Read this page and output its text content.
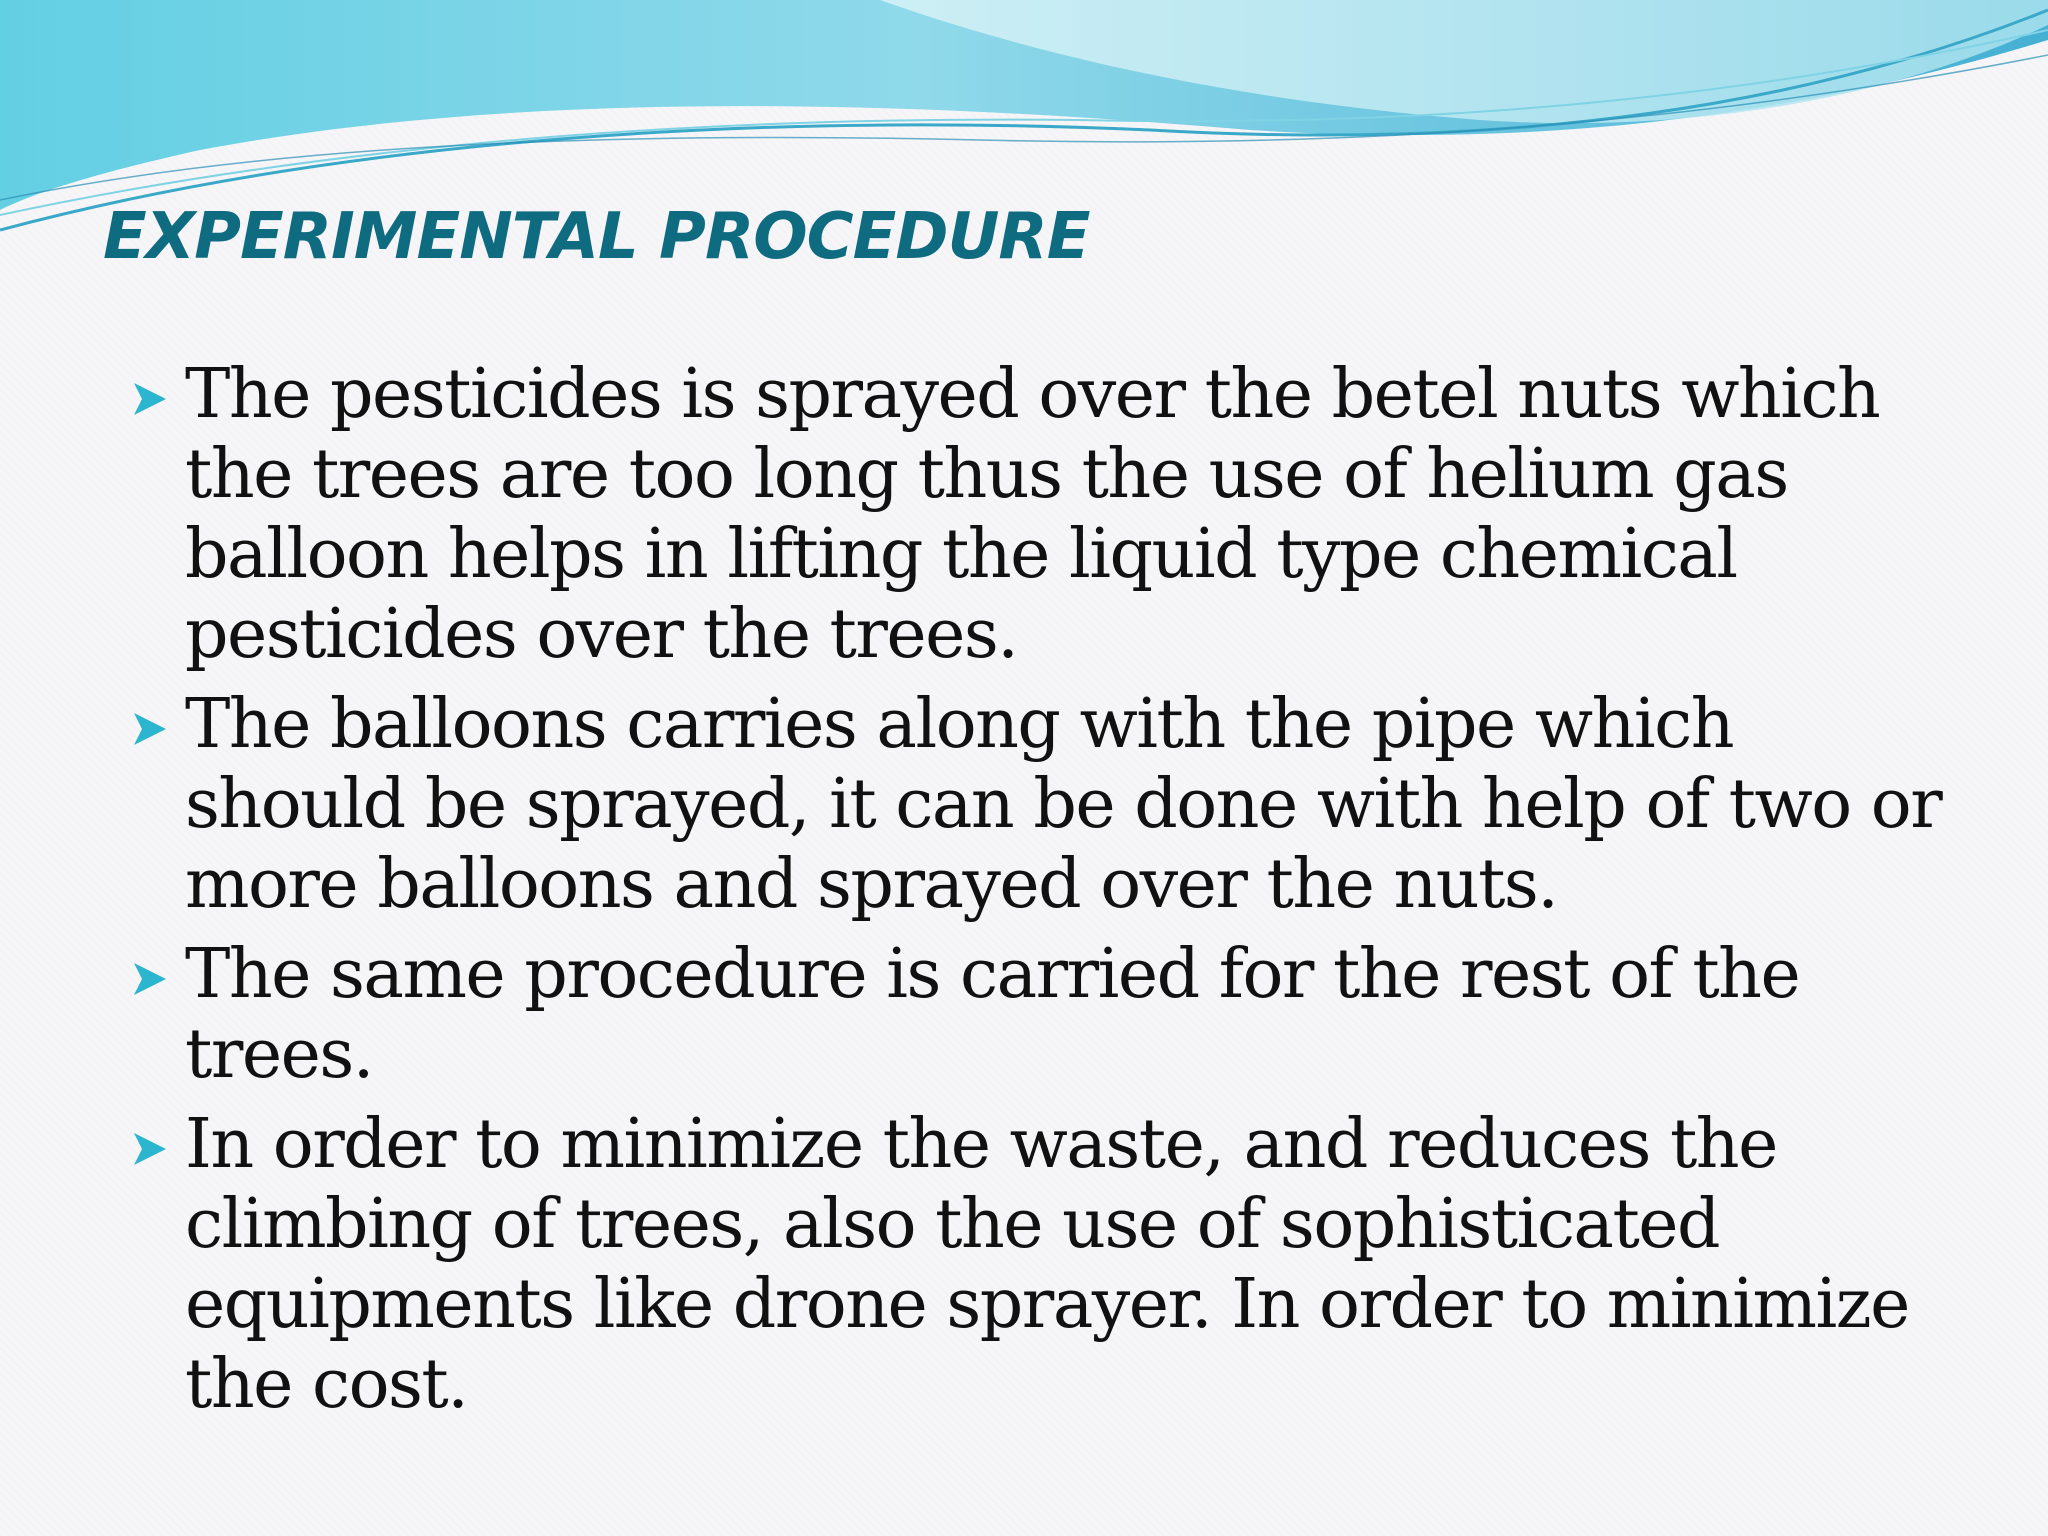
EXPERIMENTAL PROCEDURE
The pesticides is sprayed over the betel nuts which the trees are too long thus the use of helium gas balloon helps in lifting the liquid type chemical pesticides over the trees.
The balloons carries along with the pipe which should be sprayed, it can be done with help of two or more balloons and sprayed over the nuts.
The same procedure is carried for the rest of the trees.
In order to minimize the waste, and reduces the climbing of trees, also the use of sophisticated equipments like drone sprayer. In order to minimize the cost.
